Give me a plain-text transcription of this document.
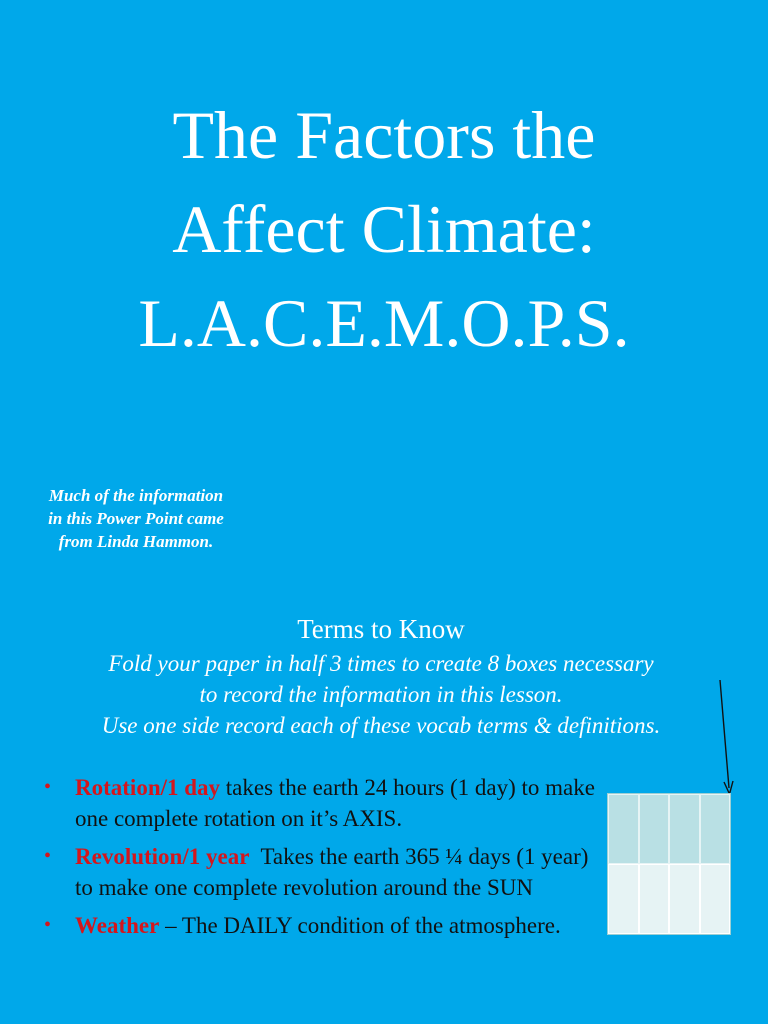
The Factors the
Affect Climate:
L.A.C.E.M.O.P.S.
Much of the information
in this Power Point came
from Linda Hammon.
Terms to Know
Fold your paper in half 3 times to create 8 boxes necessary
to record the information in this lesson.
Use one side record each of these vocab terms & definitions.
• Rotation/1 day takes the earth 24 hours (1 day) to make one complete rotation on it’s AXIS.
• Revolution/1 year  Takes the earth 365 ¼ days (1 year) to make one complete revolution around the SUN
• Weather – The DAILY condition of the atmosphere.
